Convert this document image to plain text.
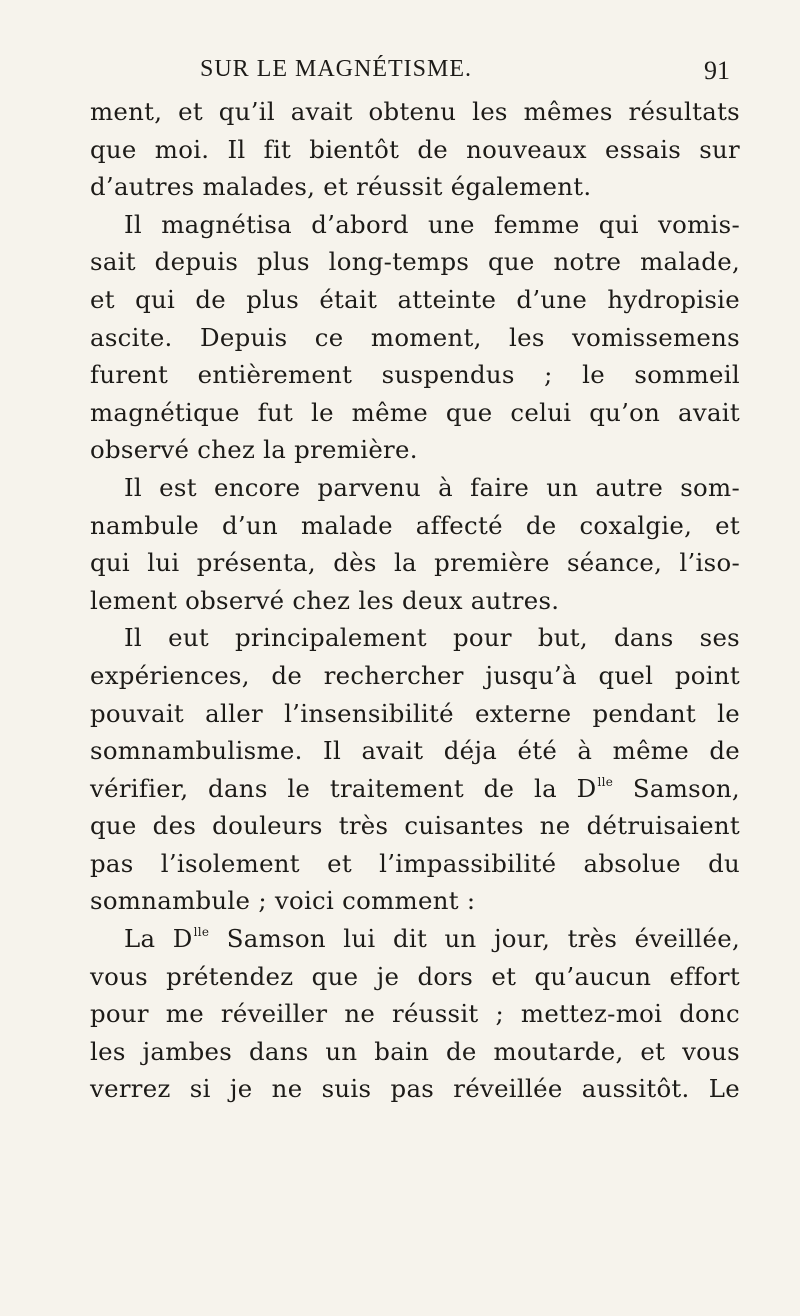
SUR LE MAGNÉTISME.	91
ment, et qu’il avait obtenu les mêmes résultats
que moi. Il fit bientôt de nouveaux essais sur
d’autres malades, et réussit également.
Il magnétisa d’abord une femme qui vomis-
sait depuis plus long-temps que notre malade,
et qui de plus était atteinte d’une hydropisie
ascite. Depuis ce moment, les vomissemens
furent entièrement suspendus ; le sommeil
magnétique fut le même que celui qu’on avait
observé chez la première.
Il est encore parvenu à faire un autre som-
nambule d’un malade affecté de coxalgie, et
qui lui présenta, dès la première séance, l’iso-
lement observé chez les deux autres.
Il eut principalement pour but, dans ses
expériences, de rechercher jusqu’à quel point
pouvait aller l’insensibilité externe pendant le
somnambulisme. Il avait déja été à même de
vérifier, dans le traitement de la $D^{lle}$ Samson,
que des douleurs très cuisantes ne détruisaient
pas l’isolement et l’impassibilité absolue du
somnambule ; voici comment :
La $D^{lle}$ Samson lui dit un jour, très éveillée,
vous prétendez que je dors et qu’aucun effort
pour me réveiller ne réussit ; mettez-moi donc
les jambes dans un bain de moutarde, et vous
verrez si je ne suis pas réveillée aussitôt. Le
